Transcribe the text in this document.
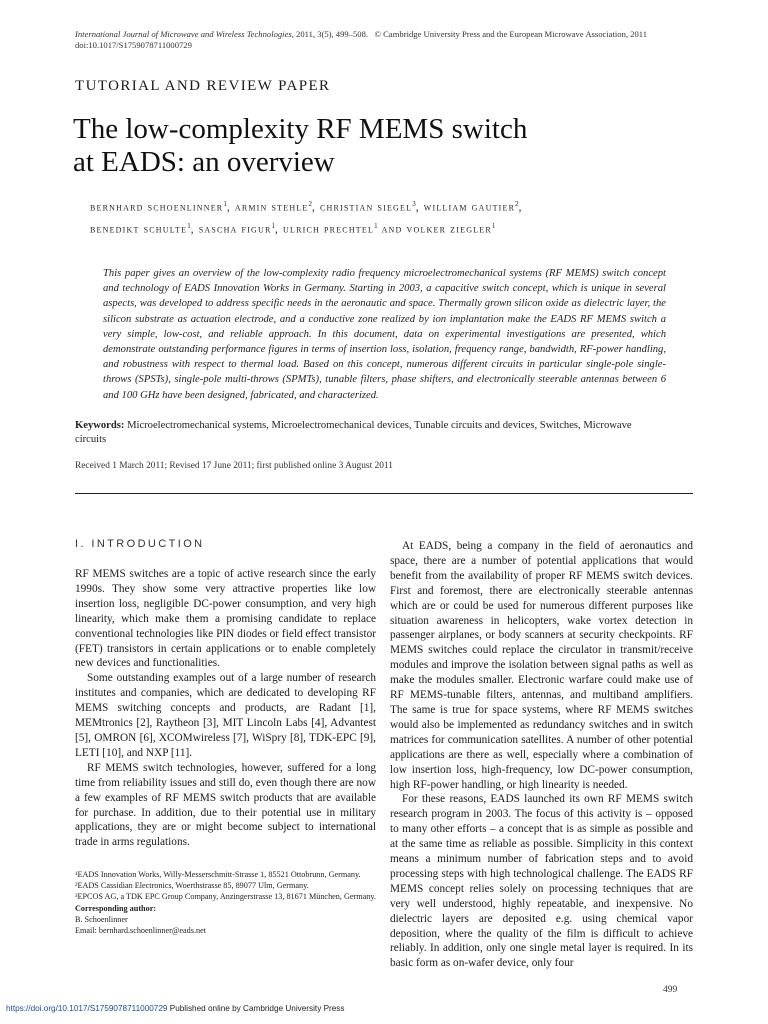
International Journal of Microwave and Wireless Technologies, 2011, 3(5), 499–508. © Cambridge University Press and the European Microwave Association, 2011
doi:10.1017/S1759078711000729
TUTORIAL AND REVIEW PAPER
The low-complexity RF MEMS switch
at EADS: an overview
bernhard schoenlinner$^1$, armin stehle$^2$, christian siegel$^3$, william gautier$^2$,
benedikt schulte$^1$, sascha figur$^1$, ulrich prechtel$^1$ and volker ziegler$^1$
This paper gives an overview of the low-complexity radio frequency microelectromechanical systems (RF MEMS) switch concept and technology of EADS Innovation Works in Germany. Starting in 2003, a capacitive switch concept, which is unique in several aspects, was developed to address specific needs in the aeronautic and space. Thermally grown silicon oxide as dielectric layer, the silicon substrate as actuation electrode, and a conductive zone realized by ion implantation make the EADS RF MEMS switch a very simple, low-cost, and reliable approach. In this document, data on experimental investigations are presented, which demonstrate outstanding performance figures in terms of insertion loss, isolation, frequency range, bandwidth, RF-power handling, and robustness with respect to thermal load. Based on this concept, numerous different circuits in particular single-pole single-throws (SPSTs), single-pole multi-throws (SPMTs), tunable filters, phase shifters, and electronically steerable antennas between 6 and 100 GHz have been designed, fabricated, and characterized.
Keywords: Microelectromechanical systems, Microelectromechanical devices, Tunable circuits and devices, Switches, Microwave circuits
Received 1 March 2011; Revised 17 June 2011; first published online 3 August 2011
I. INTRODUCTION

RF MEMS switches are a topic of active research since the early 1990s. They show some very attractive properties like low insertion loss, negligible DC-power consumption, and very high linearity, which make them a promising candidate to replace conventional technologies like PIN diodes or field effect transistor (FET) transistors in certain applications or to enable completely new devices and functionalities.

Some outstanding examples out of a large number of research institutes and companies, which are dedicated to developing RF MEMS switching concepts and products, are Radant [1], MEMtronics [2], Raytheon [3], MIT Lincoln Labs [4], Advantest [5], OMRON [6], XCOMwireless [7], WiSpry [8], TDK-EPC [9], LETI [10], and NXP [11].

RF MEMS switch technologies, however, suffered for a long time from reliability issues and still do, even though there are now a few examples of RF MEMS switch products that are available for purchase. In addition, due to their potential use in military applications, they are or might become subject to international trade in arms regulations.

At EADS, being a company in the field of aeronautics and space, there are a number of potential applications that would benefit from the availability of proper RF MEMS switch devices. First and foremost, there are electronically steerable antennas which are or could be used for numerous different purposes like situation awareness in helicopters, wake vortex detection in passenger airplanes, or body scanners at security checkpoints. RF MEMS switches could replace the circulator in transmit/receive modules and improve the isolation between signal paths as well as make the modules smaller. Electronic warfare could make use of RF MEMS-tunable filters, antennas, and multiband amplifiers. The same is true for space systems, where RF MEMS switches would also be implemented as redundancy switches and in switch matrices for communication satellites. A number of other potential applications are there as well, especially where a combination of low insertion loss, high-frequency, low DC-power consumption, high RF-power handling, or high linearity is needed.

For these reasons, EADS launched its own RF MEMS switch research program in 2003. The focus of this activity is – opposed to many other efforts – a concept that is as simple as possible and at the same time as reliable as possible. Simplicity in this context means a minimum number of fabrication steps and to avoid processing steps with high technological challenge. The EADS RF MEMS concept relies solely on processing techniques that are very well understood, highly repeatable, and inexpensive. No dielectric layers are deposited e.g. using chemical vapor deposition, where the quality of the film is difficult to achieve reliably. In addition, only one single metal layer is required. In its basic form as on-wafer device, only four

¹EADS Innovation Works, Willy-Messerschmitt-Strasse 1, 85521 Ottobrunn, Germany.
²EADS Cassidian Electronics, Woerthstrasse 85, 89077 Ulm, Germany.
³EPCOS AG, a TDK EPC Group Company, Anzingerstrasse 13, 81671 München, Germany.
Corresponding author:
B. Schoenlinner
Email: bernhard.schoenlinner@eads.net
499
https://doi.org/10.1017/S1759078711000729 Published online by Cambridge University Press
